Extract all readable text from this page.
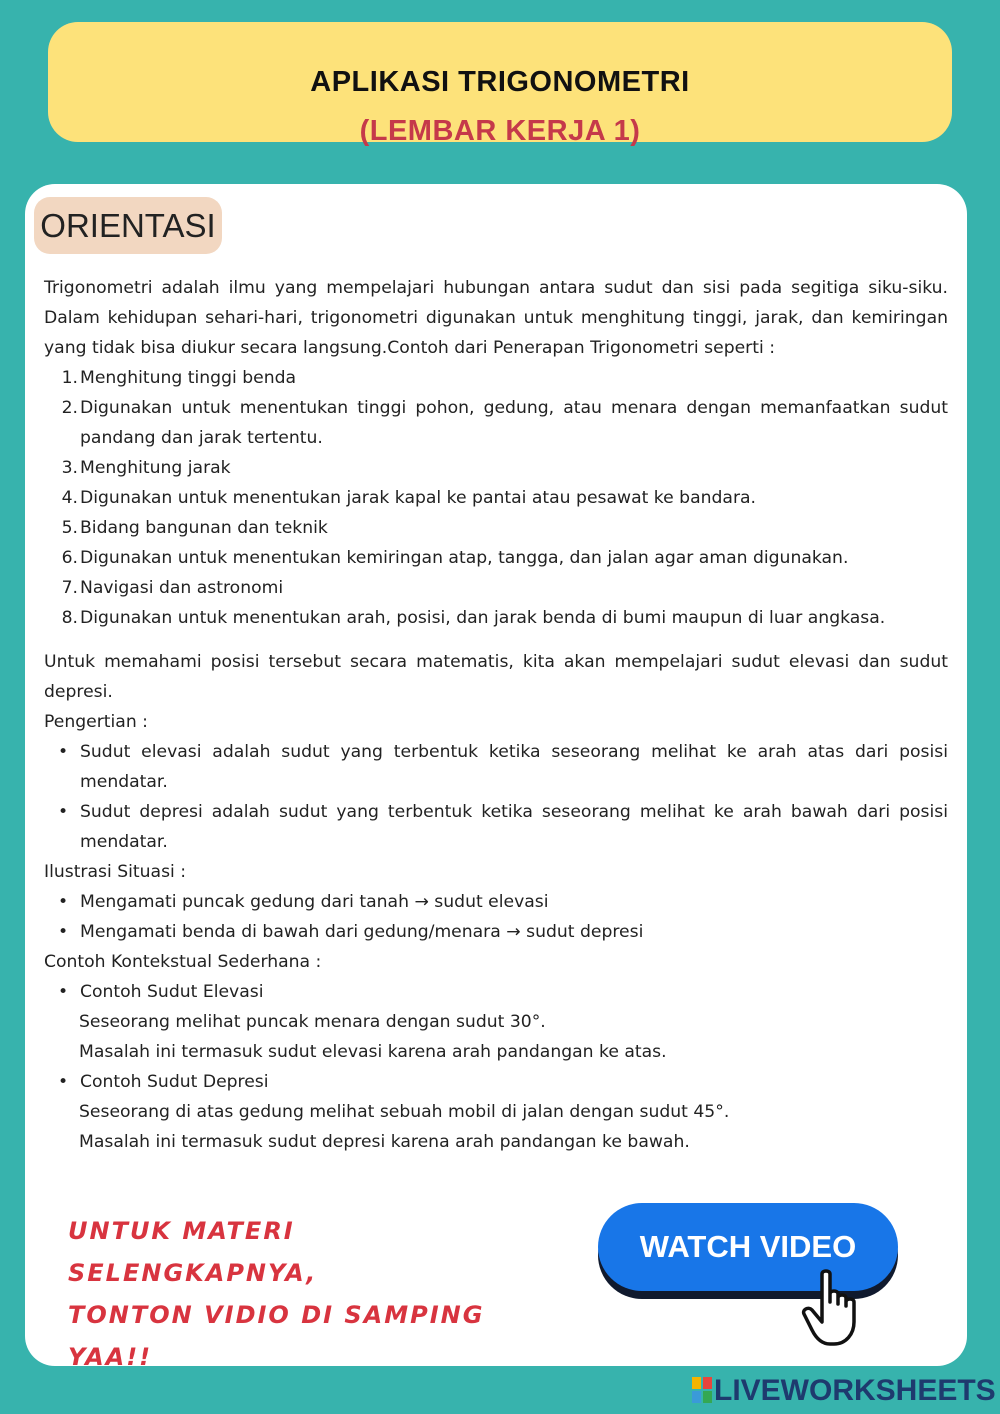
APLIKASI TRIGONOMETRI
(LEMBAR KERJA 1)
ORIENTASI

Trigonometri adalah ilmu yang mempelajari hubungan antara sudut dan sisi pada segitiga siku-siku. Dalam kehidupan sehari-hari, trigonometri digunakan untuk menghitung tinggi, jarak, dan kemiringan yang tidak bisa diukur secara langsung.Contoh dari Penerapan Trigonometri seperti :

1. Menghitung tinggi benda
2. Digunakan untuk menentukan tinggi pohon, gedung, atau menara dengan memanfaatkan sudut pandang dan jarak tertentu.
3. Menghitung jarak
4. Digunakan untuk menentukan jarak kapal ke pantai atau pesawat ke bandara.
5. Bidang bangunan dan teknik
6. Digunakan untuk menentukan kemiringan atap, tangga, dan jalan agar aman digunakan.
7. Navigasi dan astronomi
8. Digunakan untuk menentukan arah, posisi, dan jarak benda di bumi maupun di luar angkasa.

Untuk memahami posisi tersebut secara matematis, kita akan mempelajari sudut elevasi dan sudut depresi.

Pengertian :

• Sudut elevasi adalah sudut yang terbentuk ketika seseorang melihat ke arah atas dari posisi mendatar.
• Sudut depresi adalah sudut yang terbentuk ketika seseorang melihat ke arah bawah dari posisi mendatar.

Ilustrasi Situasi :

• Mengamati puncak gedung dari tanah → sudut elevasi
• Mengamati benda di bawah dari gedung/menara → sudut depresi

Contoh Kontekstual Sederhana :

• Contoh Sudut Elevasi
Seseorang melihat puncak menara dengan sudut 30°.
Masalah ini termasuk sudut elevasi karena arah pandangan ke atas.
• Contoh Sudut Depresi
Seseorang di atas gedung melihat sebuah mobil di jalan dengan sudut 45°.
Masalah ini termasuk sudut depresi karena arah pandangan ke bawah.
UNTUK MATERI SELENGKAPNYA,
TONTON VIDIO DI SAMPING YAA!!
WATCH VIDEO
LIVEWORKSHEETS
